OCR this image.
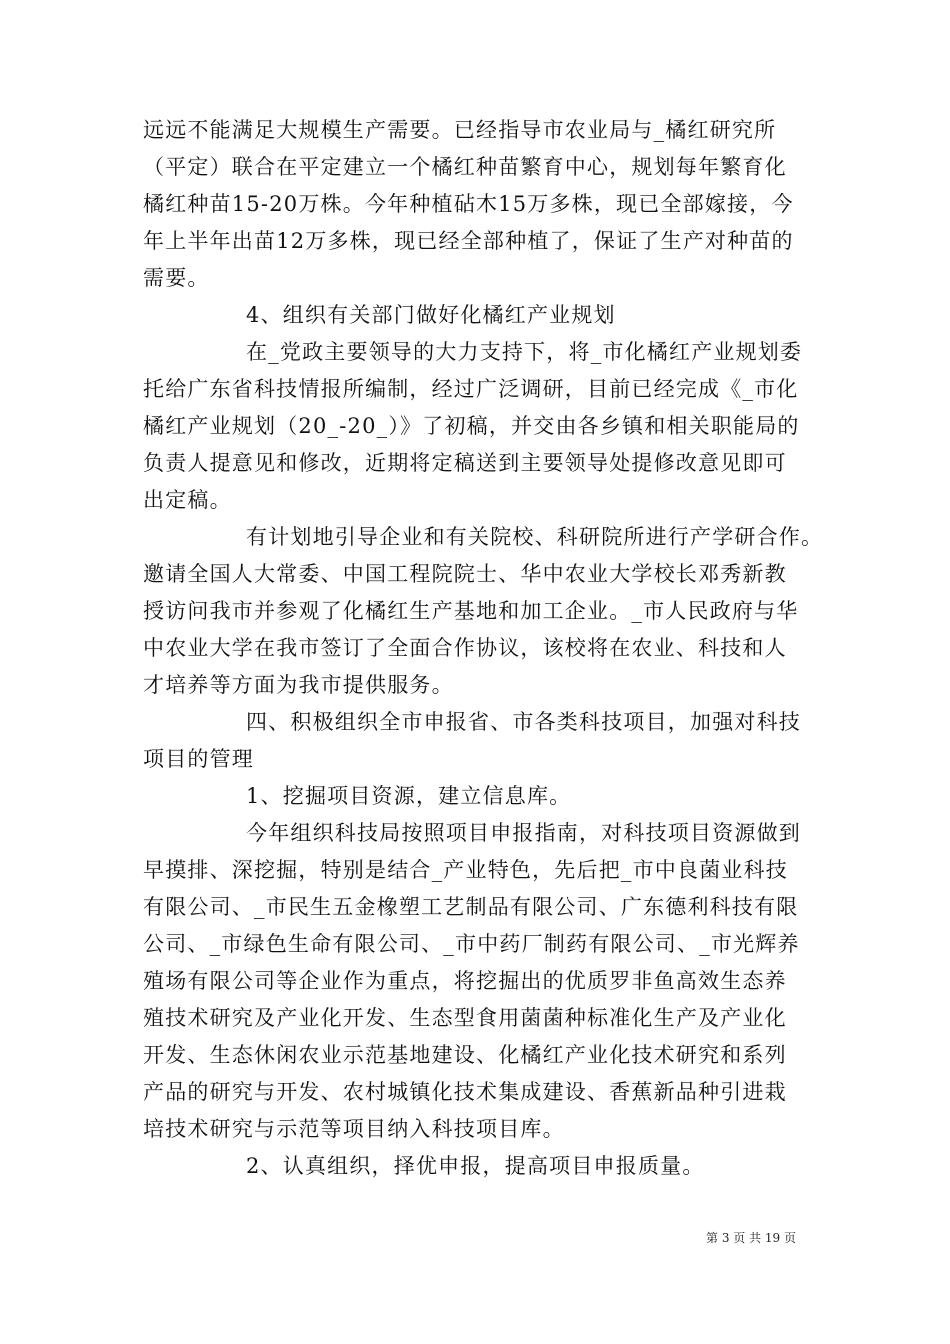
远远不能满足大规模生产需要。已经指导市农业局与_橘红研究所
（平定）联合在平定建立一个橘红种苗繁育中心，规划每年繁育化
橘红种苗15-20万株。今年种植砧木15万多株，现已全部嫁接，今
年上半年出苗12万多株，现已经全部种植了，保证了生产对种苗的
需要。
4、组织有关部门做好化橘红产业规划
在_党政主要领导的大力支持下，将_市化橘红产业规划委
托给广东省科技情报所编制，经过广泛调研，目前已经完成《_市化
橘红产业规划（20_-20_）》了初稿，并交由各乡镇和相关职能局的
负责人提意见和修改，近期将定稿送到主要领导处提修改意见即可
出定稿。
有计划地引导企业和有关院校、科研院所进行产学研合作。
邀请全国人大常委、中国工程院院士、华中农业大学校长邓秀新教
授访问我市并参观了化橘红生产基地和加工企业。_市人民政府与华
中农业大学在我市签订了全面合作协议，该校将在农业、科技和人
才培养等方面为我市提供服务。
四、积极组织全市申报省、市各类科技项目，加强对科技
项目的管理
1、挖掘项目资源，建立信息库。
今年组织科技局按照项目申报指南，对科技项目资源做到
早摸排、深挖掘，特别是结合_产业特色，先后把_市中良菌业科技
有限公司、_市民生五金橡塑工艺制品有限公司、广东德利科技有限
公司、_市绿色生命有限公司、_市中药厂制药有限公司、_市光辉养
殖场有限公司等企业作为重点，将挖掘出的优质罗非鱼高效生态养
殖技术研究及产业化开发、生态型食用菌菌种标准化生产及产业化
开发、生态休闲农业示范基地建设、化橘红产业化技术研究和系列
产品的研究与开发、农村城镇化技术集成建设、香蕉新品种引进栽
培技术研究与示范等项目纳入科技项目库。
2、认真组织，择优申报，提高项目申报质量。
第 3 页 共 19 页
